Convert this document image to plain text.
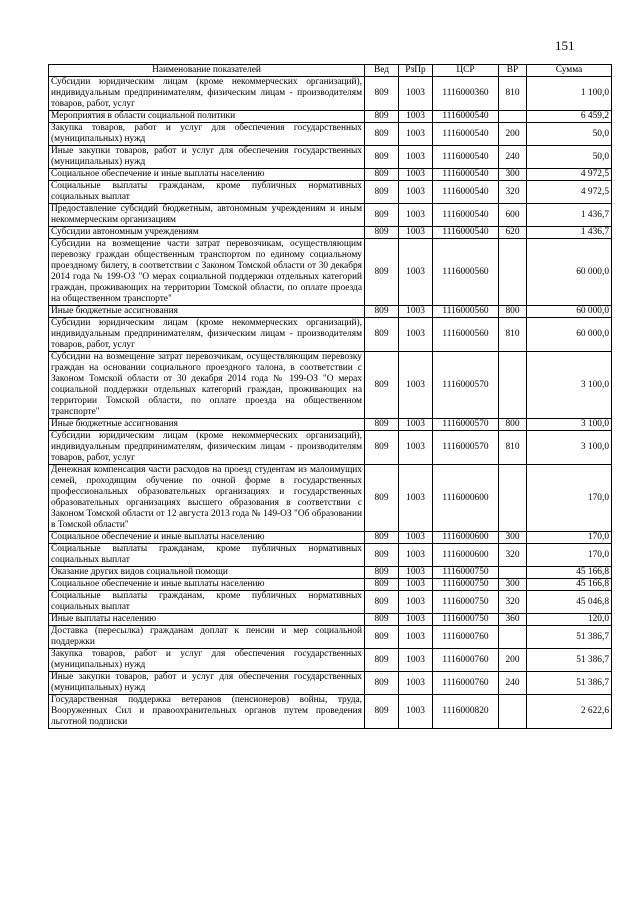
151
Наименование показателей	Вед	РзПр	ЦСР	ВР	Сумма
Субсидии юридическим лицам (кроме некоммерческих организаций), индивидуальным предпринимателям, физическим лицам - производителям товаров, работ, услуг	809	1003	1116000360	810	1 100,0
Мероприятия в области социальной политики	809	1003	1116000540		6 459,2
Закупка товаров, работ и услуг для обеспечения государственных (муниципальных) нужд	809	1003	1116000540	200	50,0
Иные закупки товаров, работ и услуг для обеспечения государственных (муниципальных) нужд	809	1003	1116000540	240	50,0
Социальное обеспечение и иные выплаты населению	809	1003	1116000540	300	4 972,5
Социальные выплаты гражданам, кроме публичных нормативных социальных выплат	809	1003	1116000540	320	4 972,5
Предоставление субсидий бюджетным, автономным учреждениям и иным некоммерческим организациям	809	1003	1116000540	600	1 436,7
Субсидии автономным учреждениям	809	1003	1116000540	620	1 436,7
Субсидии на возмещение части затрат перевозчикам, осуществляющим перевозку граждан общественным транспортом по единому социальному проездному билету, в соответствии с Законом Томской области от 30 декабря 2014 года № 199-ОЗ "О мерах социальной поддержки отдельных категорий граждан, проживающих на территории Томской области, по оплате проезда на общественном транспорте"	809	1003	1116000560		60 000,0
Иные бюджетные ассигнования	809	1003	1116000560	800	60 000,0
Субсидии юридическим лицам (кроме некоммерческих организаций), индивидуальным предпринимателям, физическим лицам - производителям товаров, работ, услуг	809	1003	1116000560	810	60 000,0
Субсидии на возмещение затрат перевозчикам, осуществляющим перевозку граждан на основании социального проездного талона, в соответствии с Законом Томской области от 30 декабря 2014 года № 199-ОЗ "О мерах социальной поддержки отдельных категорий граждан, проживающих на территории Томской области, по оплате проезда на общественном транспорте"	809	1003	1116000570		3 100,0
Иные бюджетные ассигнования	809	1003	1116000570	800	3 100,0
Субсидии юридическим лицам (кроме некоммерческих организаций), индивидуальным предпринимателям, физическим лицам - производителям товаров, работ, услуг	809	1003	1116000570	810	3 100,0
Денежная компенсация части расходов на проезд студентам из малоимущих семей, проходящим обучение по очной форме в государственных профессиональных образовательных организациях и государственных образовательных организациях высшего образования в соответствии с Законом Томской области от 12 августа 2013 года № 149-ОЗ "Об образовании в Томской области"	809	1003	1116000600		170,0
Социальное обеспечение и иные выплаты населению	809	1003	1116000600	300	170,0
Социальные выплаты гражданам, кроме публичных нормативных социальных выплат	809	1003	1116000600	320	170,0
Оказание других видов социальной помощи	809	1003	1116000750		45 166,8
Социальное обеспечение и иные выплаты населению	809	1003	1116000750	300	45 166,8
Социальные выплаты гражданам, кроме публичных нормативных социальных выплат	809	1003	1116000750	320	45 046,8
Иные выплаты населению	809	1003	1116000750	360	120,0
Доставка (пересылка) гражданам доплат к пенсии и мер социальной поддержки	809	1003	1116000760		51 386,7
Закупка товаров, работ и услуг для обеспечения государственных (муниципальных) нужд	809	1003	1116000760	200	51 386,7
Иные закупки товаров, работ и услуг для обеспечения государственных (муниципальных) нужд	809	1003	1116000760	240	51 386,7
Государственная поддержка ветеранов (пенсионеров) войны, труда, Вооруженных Сил и правоохранительных органов путем проведения льготной подписки	809	1003	1116000820		2 622,6
